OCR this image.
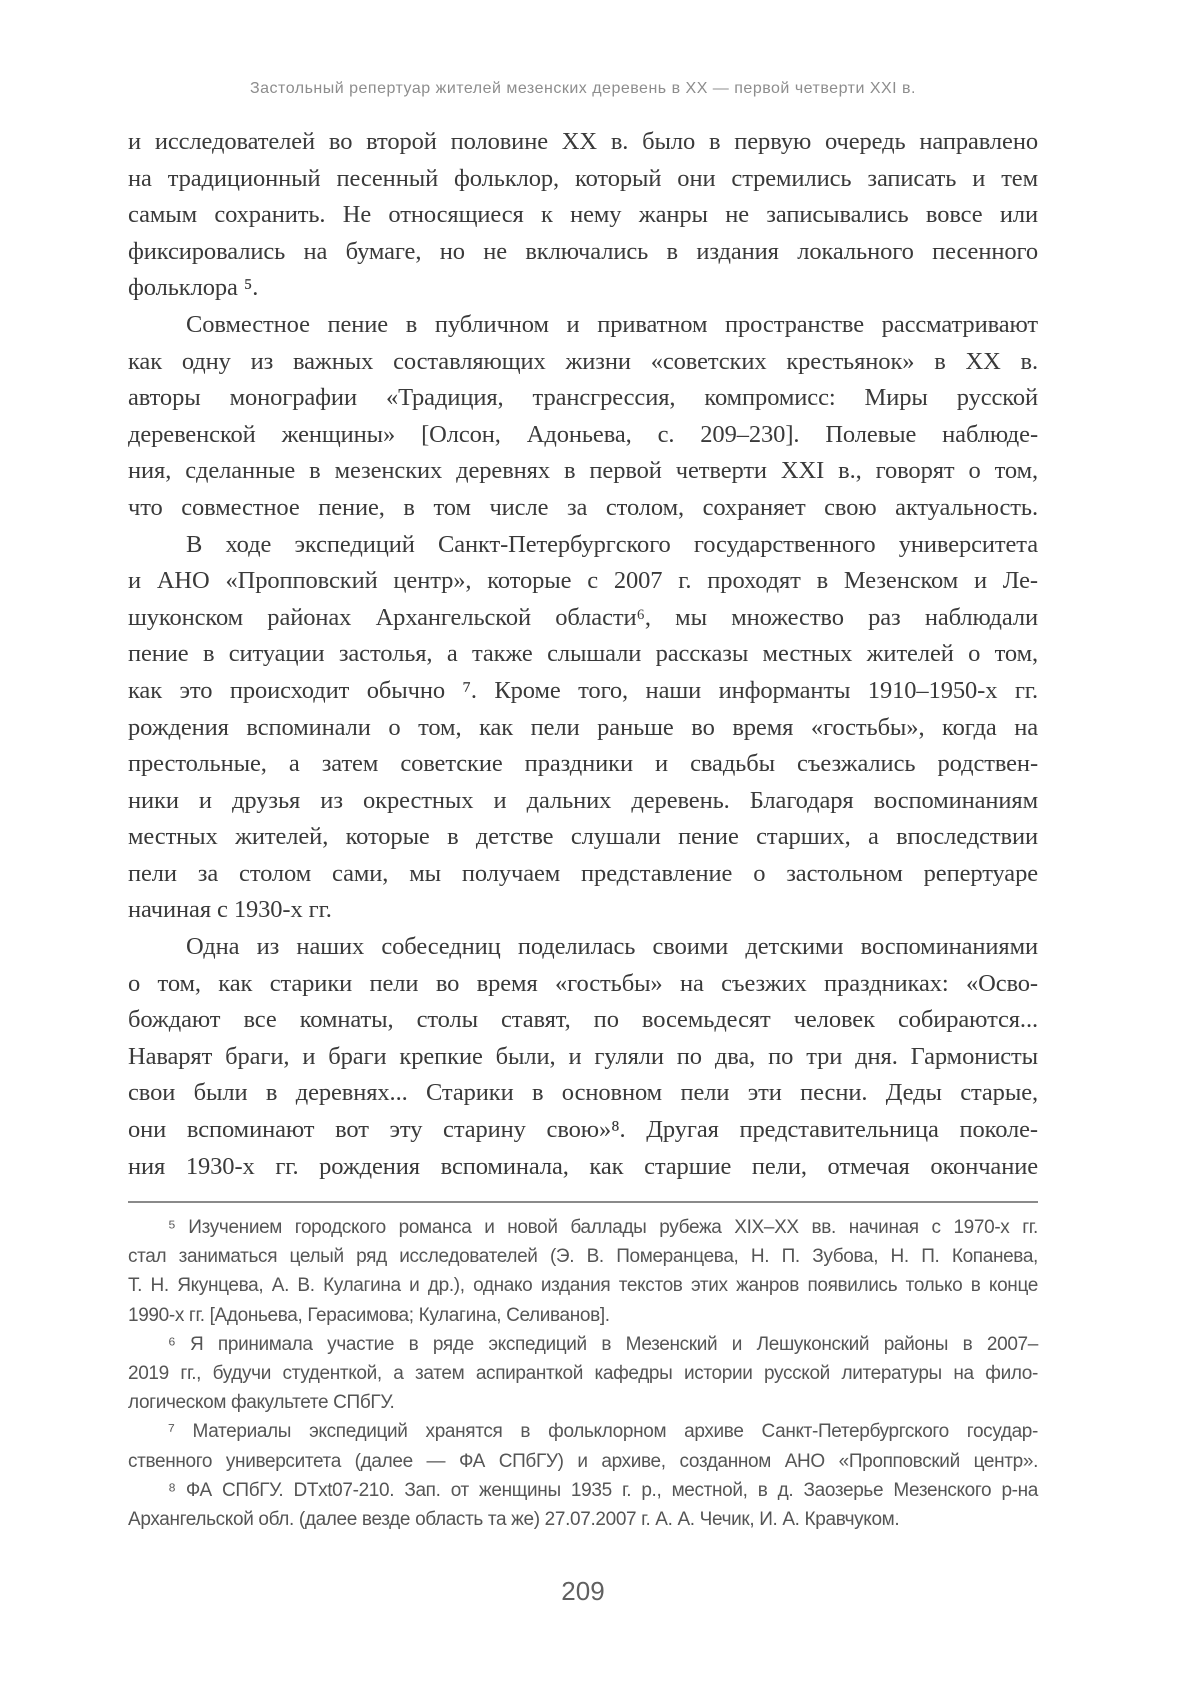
Застольный репертуар жителей мезенских деревень в XX — первой четверти XXI в.
и исследователей во второй половине XX в. было в первую очередь направлено
на традиционный песенный фольклор, который они стремились записать и тем
самым сохранить. Не относящиеся к нему жанры не записывались вовсе или
фиксировались на бумаге, но не включались в издания локального песенного
фольклора ⁵.
Совместное пение в публичном и приватном пространстве рассматривают
как одну из важных составляющих жизни «советских крестьянок» в XX в.
авторы монографии «Традиция, трансгрессия, компромисс: Миры русской
деревенской женщины» [Олсон, Адоньева, с. 209–230]. Полевые наблюде-
ния, сделанные в мезенских деревнях в первой четверти XXI в., говорят о том,
что совместное пение, в том числе за столом, сохраняет свою актуальность.
В ходе экспедиций Санкт-Петербургского государственного университета
и АНО «Пропповский центр», которые с 2007 г. проходят в Мезенском и Ле-
шуконском районах Архангельской области⁶, мы множество раз наблюдали
пение в ситуации застолья, а также слышали рассказы местных жителей о том,
как это происходит обычно ⁷. Кроме того, наши информанты 1910–1950-х гг.
рождения вспоминали о том, как пели раньше во время «гостьбы», когда на
престольные, а затем советские праздники и свадьбы съезжались родствен-
ники и друзья из окрестных и дальних деревень. Благодаря воспоминаниям
местных жителей, которые в детстве слушали пение старших, а впоследствии
пели за столом сами, мы получаем представление о застольном репертуаре
начиная с 1930-х гг.
Одна из наших собеседниц поделилась своими детскими воспоминаниями
о том, как старики пели во время «гостьбы» на съезжих праздниках: «Осво-
бождают все комнаты, столы ставят, по восемьдесят человек собираются...
Наварят браги, и браги крепкие были, и гуляли по два, по три дня. Гармонисты
свои были в деревнях... Старики в основном пели эти песни. Деды старые,
они вспоминают вот эту старину свою»⁸. Другая представительница поколе-
ния 1930-х гг. рождения вспоминала, как старшие пели, отмечая окончание
⁵ Изучением городского романса и новой баллады рубежа XIX–XX вв. начиная с 1970-х гг.
стал заниматься целый ряд исследователей (Э. В. Померанцева, Н. П. Зубова, Н. П. Копанева,
Т. Н. Якунцева, А. В. Кулагина и др.), однако издания текстов этих жанров появились только в конце
1990-х гг. [Адоньева, Герасимова; Кулагина, Селиванов].
⁶ Я принимала участие в ряде экспедиций в Мезенский и Лешуконский районы в 2007–
2019 гг., будучи студенткой, а затем аспиранткой кафедры истории русской литературы на фило-
логическом факультете СПбГУ.
⁷ Материалы экспедиций хранятся в фольклорном архиве Санкт-Петербургского государ-
ственного университета (далее — ФА СПбГУ) и архиве, созданном АНО «Пропповский центр».
⁸ ФА СПбГУ. DTxt07-210. Зап. от женщины 1935 г. р., местной, в д. Заозерье Мезенского р-на
Архангельской обл. (далее везде область та же) 27.07.2007 г. А. А. Чечик, И. А. Кравчуком.
209
